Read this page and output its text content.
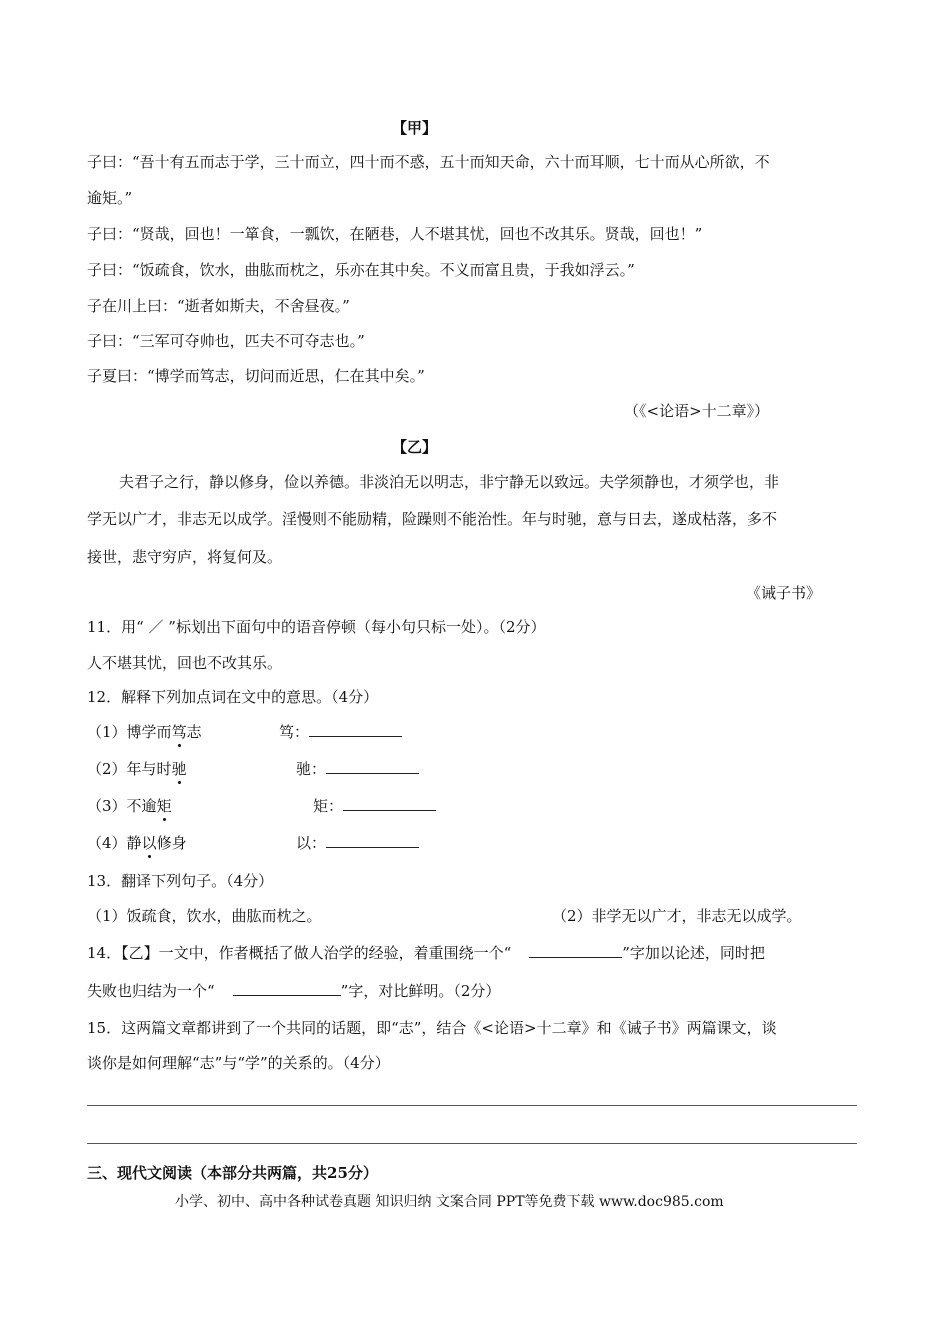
【甲】
子曰：“吾十有五而志于学，三十而立，四十而不惑，五十而知天命，六十而耳顺，七十而从心所欲，不
逾矩。”
子曰：“贤哉，回也！一箪食，一瓢饮，在陋巷，人不堪其忧，回也不改其乐。贤哉，回也！”
子曰：“饭疏食，饮水，曲肱而枕之，乐亦在其中矣。不义而富且贵，于我如浮云。”
子在川上曰：“逝者如斯夫，不舍昼夜。”
子曰：“三军可夺帅也，匹夫不可夺志也。”
子夏曰：“博学而笃志，切问而近思，仁在其中矣。”
（《<论语>十二章》）
【乙】
夫君子之行，静以修身，俭以养德。非淡泊无以明志，非宁静无以致远。夫学须静也，才须学也，非
学无以广才，非志无以成学。淫慢则不能励精，险躁则不能治性。年与时驰，意与日去，遂成枯落，多不
接世，悲守穷庐，将复何及。
《诫子书》
11．用“ ／ ”标划出下面句中的语音停顿（每小句只标一处）。（2分）
人不堪其忧，回也不改其乐。
12．解释下列加点词在文中的意思。（4分）
（1）博学而笃志	笃：
（2）年与时驰	驰：
（3）不逾矩	矩：
（4）静以修身	以：
13．翻译下列句子。（4分）
（1）饭疏食，饮水，曲肱而枕之。	（2）非学无以广才，非志无以成学。
14．【乙】一文中，作者概括了做人治学的经验，着重围绕一个“	”字加以论述，同时把
失败也归结为一个“	”字，对比鲜明。（2分）
15．这两篇文章都讲到了一个共同的话题，即“志”，结合《<论语>十二章》和《诫子书》两篇课文，谈
谈你是如何理解“志”与“学”的关系的。（4分）
三、现代文阅读（本部分共两篇，共25分）
小学、初中、高中各种试卷真题 知识归纳 文案合同 PPT等免费下载 www.doc985.com
